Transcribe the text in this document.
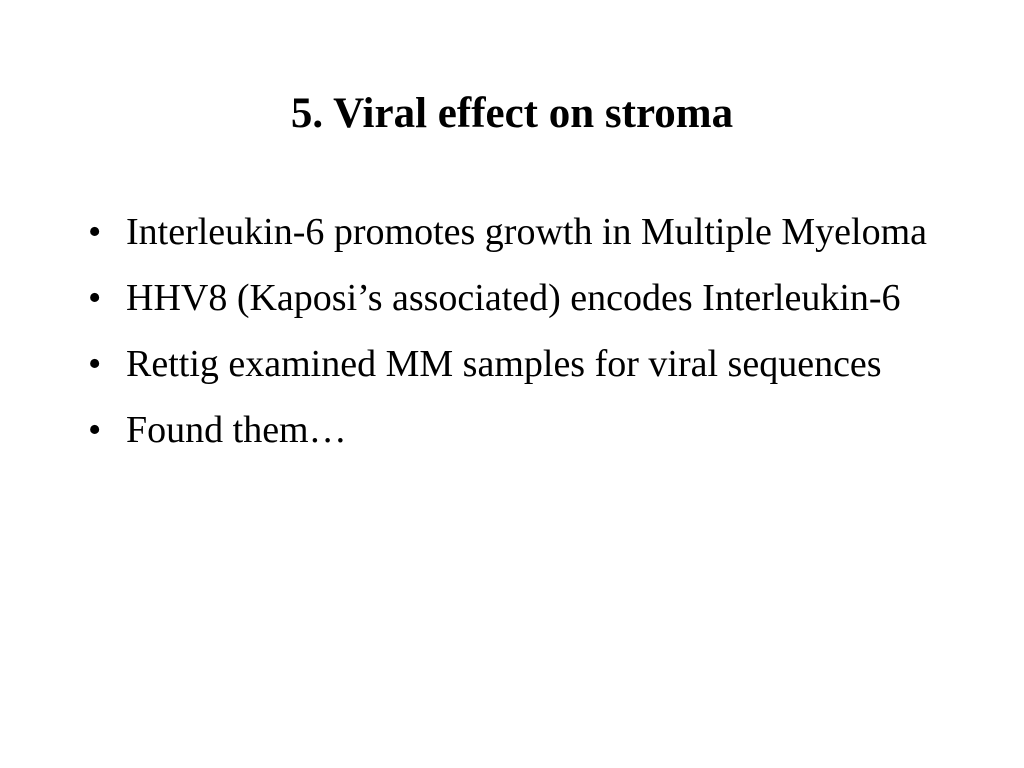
5. Viral effect on stroma
• Interleukin-6 promotes growth in Multiple Myeloma
• HHV8 (Kaposi’s associated) encodes Interleukin-6
• Rettig examined MM samples for viral sequences
• Found them…
